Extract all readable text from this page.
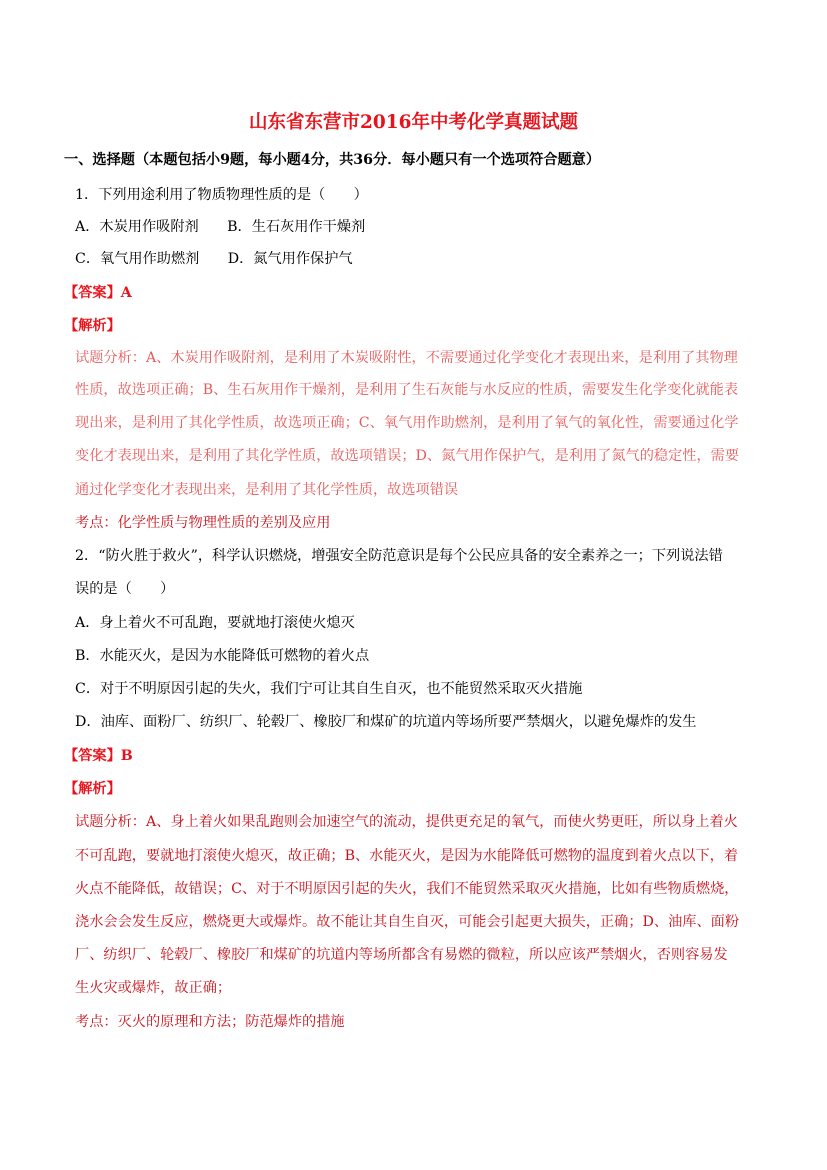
山东省东营市2016年中考化学真题试题
一、选择题（本题包括小9题，每小题4分，共36分．每小题只有一个选项符合题意）
1．下列用途利用了物质物理性质的是（　　）
A．木炭用作吸附剂　　B．生石灰用作干燥剂
C．氧气用作助燃剂　　D．氮气用作保护气
【答案】A
【解析】
试题分析：A、木炭用作吸附剂，是利用了木炭吸附性，不需要通过化学变化才表现出来，是利用了其物理
性质，故选项正确；B、生石灰用作干燥剂，是利用了生石灰能与水反应的性质，需要发生化学变化就能表
现出来，是利用了其化学性质，故选项正确；C、氧气用作助燃剂，是利用了氧气的氧化性，需要通过化学
变化才表现出来，是利用了其化学性质，故选项错误；D、氮气用作保护气，是利用了氮气的稳定性，需要
通过化学变化才表现出来，是利用了其化学性质，故选项错误
考点：化学性质与物理性质的差别及应用
2．“防火胜于救火”，科学认识燃烧，增强安全防范意识是每个公民应具备的安全素养之一；下列说法错
误的是（　　）
A．身上着火不可乱跑，要就地打滚使火熄灭
B．水能灭火，是因为水能降低可燃物的着火点
C．对于不明原因引起的失火，我们宁可让其自生自灭，也不能贸然采取灭火措施
D．油库、面粉厂、纺织厂、轮毂厂、橡胶厂和煤矿的坑道内等场所要严禁烟火，以避免爆炸的发生
【答案】B
【解析】
试题分析：A、身上着火如果乱跑则会加速空气的流动，提供更充足的氧气，而使火势更旺，所以身上着火
不可乱跑，要就地打滚使火熄灭，故正确；B、水能灭火，是因为水能降低可燃物的温度到着火点以下，着
火点不能降低，故错误；C、对于不明原因引起的失火，我们不能贸然采取灭火措施，比如有些物质燃烧，
浇水会会发生反应，燃烧更大或爆炸。故不能让其自生自灭，可能会引起更大损失，正确；D、油库、面粉
厂、纺织厂、轮毂厂、橡胶厂和煤矿的坑道内等场所都含有易燃的微粒，所以应该严禁烟火，否则容易发
生火灾或爆炸，故正确；
考点：灭火的原理和方法；防范爆炸的措施
